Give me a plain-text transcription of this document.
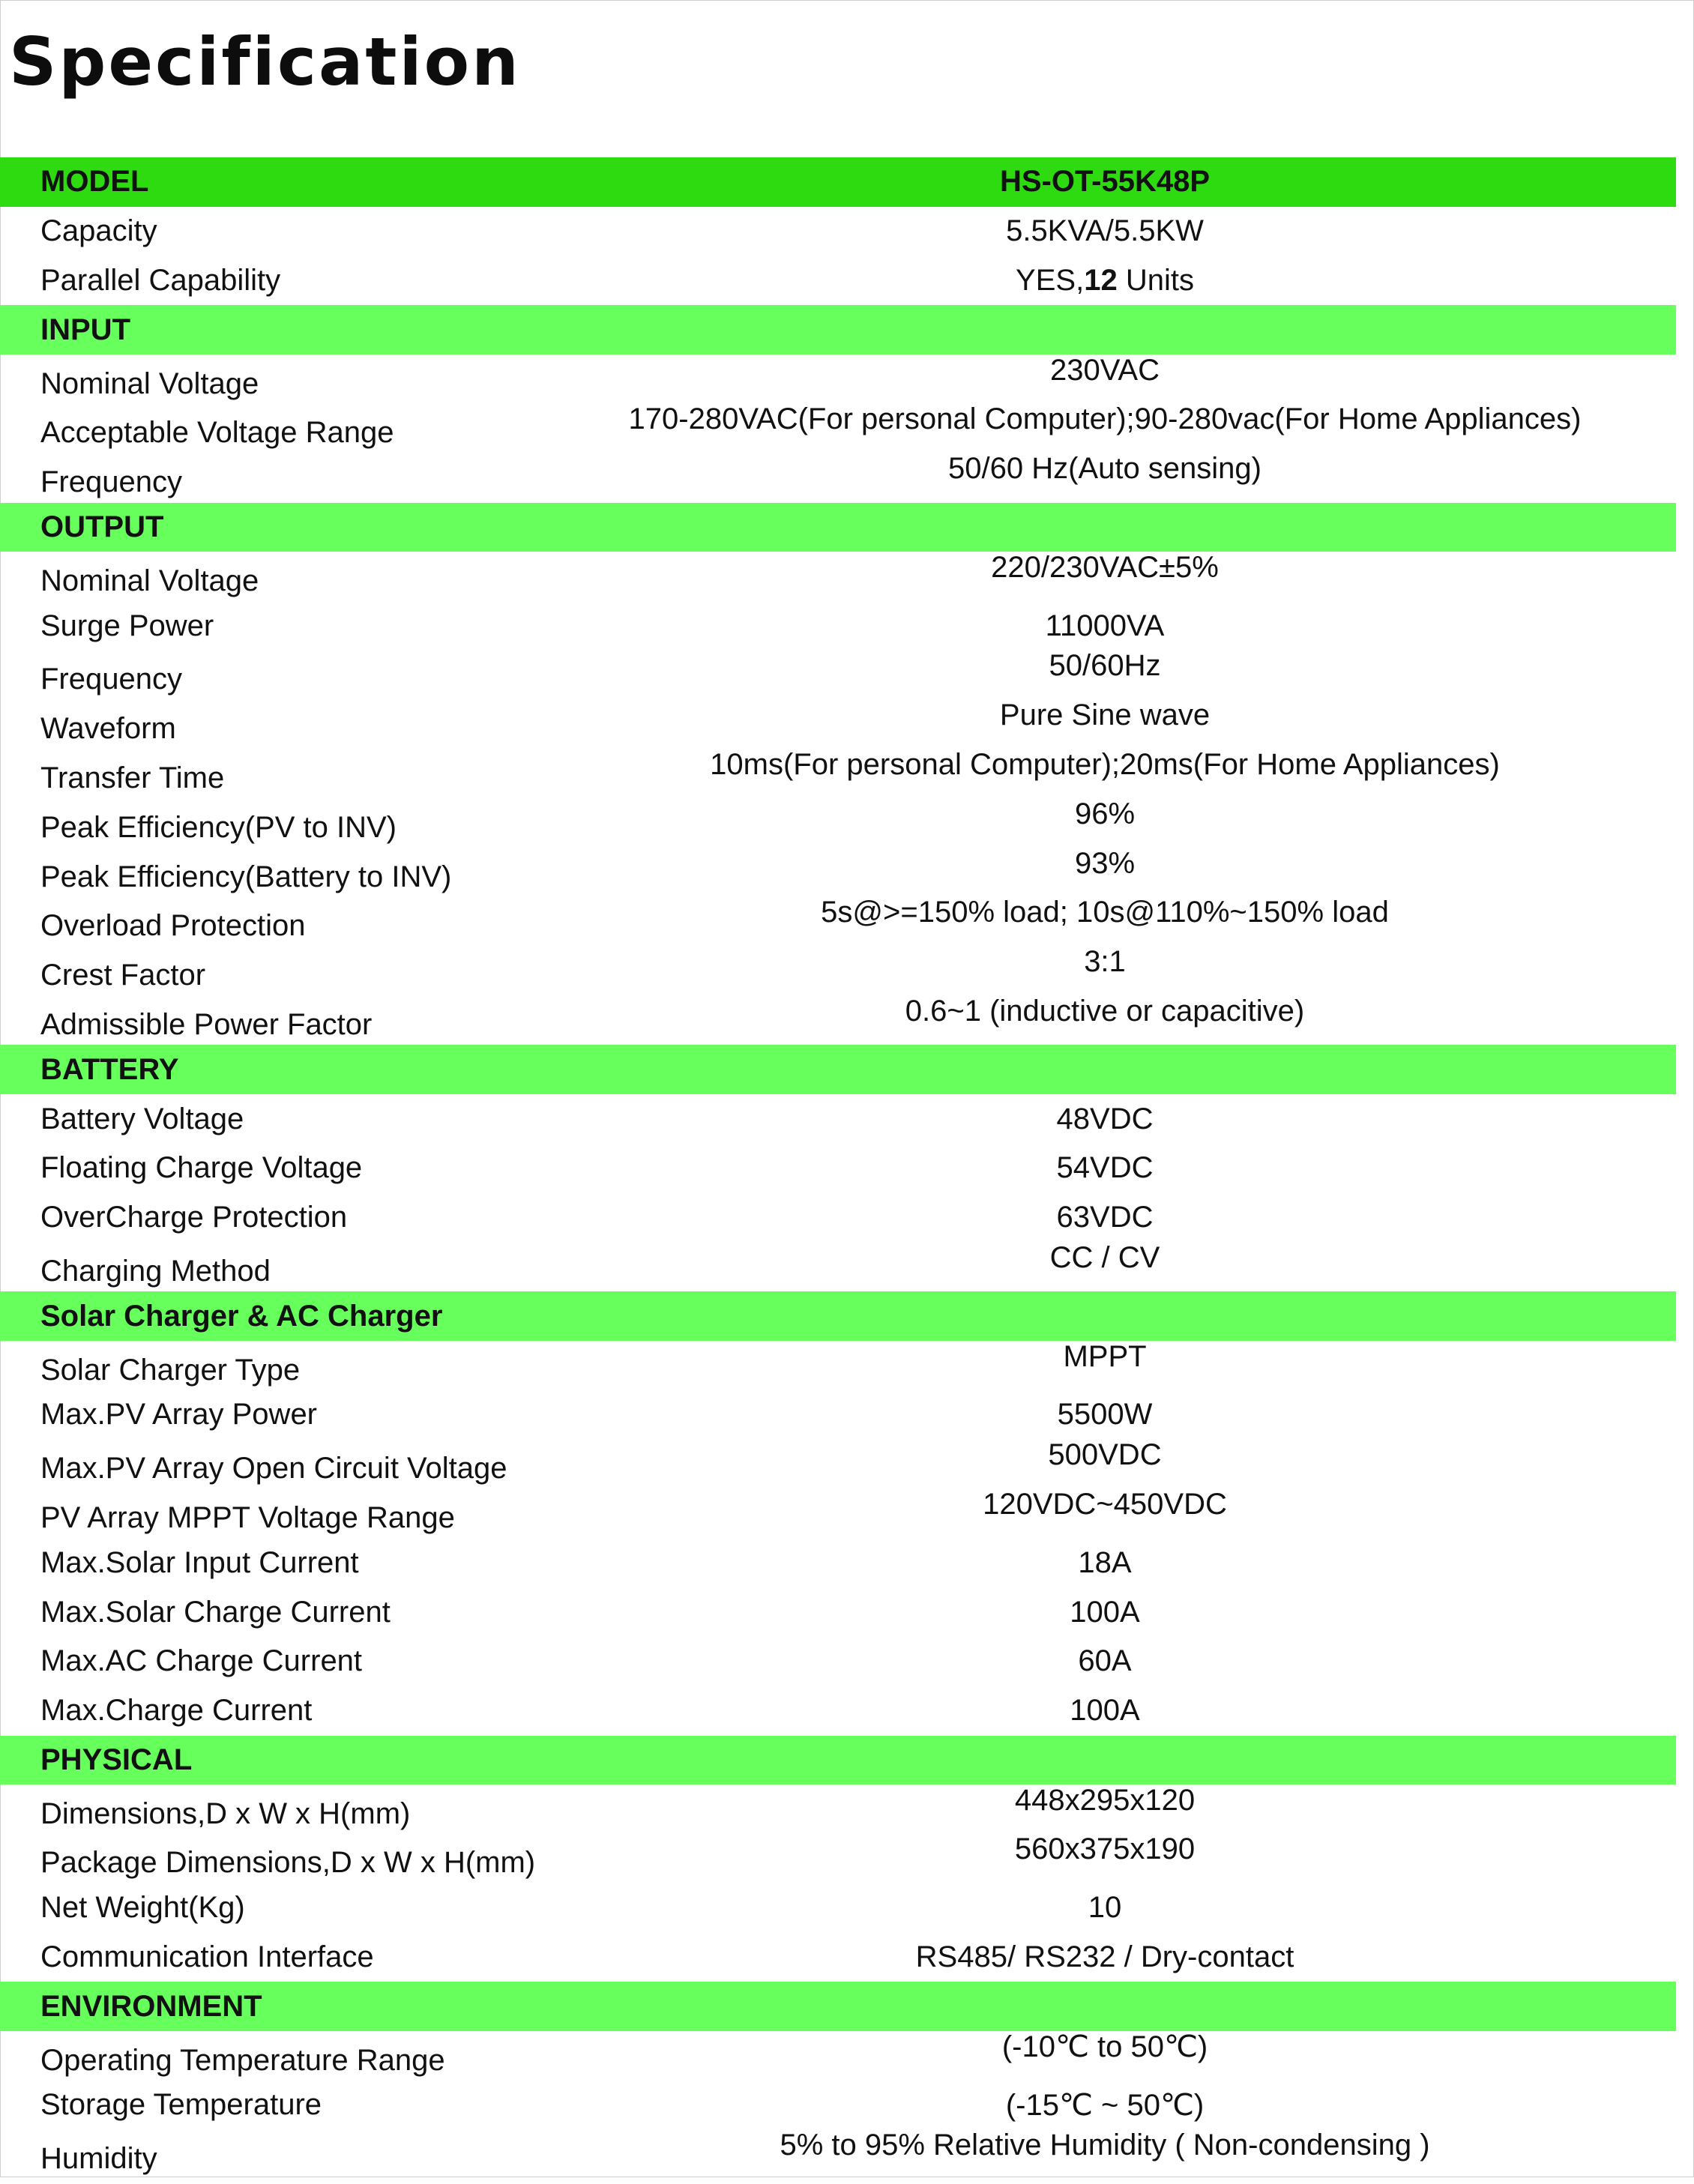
Specification
MODEL	HS-OT-55K48P
Capacity	5.5KVA/5.5KW
Parallel Capability	YES, 12 Units
INPUT
Nominal Voltage	230VAC
Acceptable Voltage Range	170-280VAC(For personal Computer);90-280vac(For Home Appliances)
Frequency	50/60 Hz(Auto sensing)
OUTPUT
Nominal Voltage	220/230VAC±5%
Surge Power	11000VA
Frequency	50/60Hz
Waveform	Pure Sine wave
Transfer Time	10ms(For personal Computer);20ms(For Home Appliances)
Peak Efficiency(PV to INV)	96%
Peak Efficiency(Battery to INV)	93%
Overload Protection	5s@>=150% load; 10s@110%~150% load
Crest Factor	3:1
Admissible Power Factor	0.6~1 (inductive or capacitive)
BATTERY
Battery Voltage	48VDC
Floating Charge Voltage	54VDC
OverCharge Protection	63VDC
Charging Method	CC / CV
Solar Charger & AC Charger
Solar Charger Type	MPPT
Max.PV Array Power	5500W
Max.PV Array Open Circuit Voltage	500VDC
PV Array MPPT Voltage Range	120VDC~450VDC
Max.Solar Input Current	18A
Max.Solar Charge Current	100A
Max.AC Charge Current	60A
Max.Charge Current	100A
PHYSICAL
Dimensions,D x W x H(mm)	448x295x120
Package Dimensions,D x W x H(mm)	560x375x190
Net Weight(Kg)	10
Communication Interface	RS485/ RS232 / Dry-contact
ENVIRONMENT
Operating Temperature Range	(-10℃ to 50℃)
Storage Temperature	(-15℃ ~ 50℃)
Humidity	5% to 95% Relative Humidity ( Non-condensing )
